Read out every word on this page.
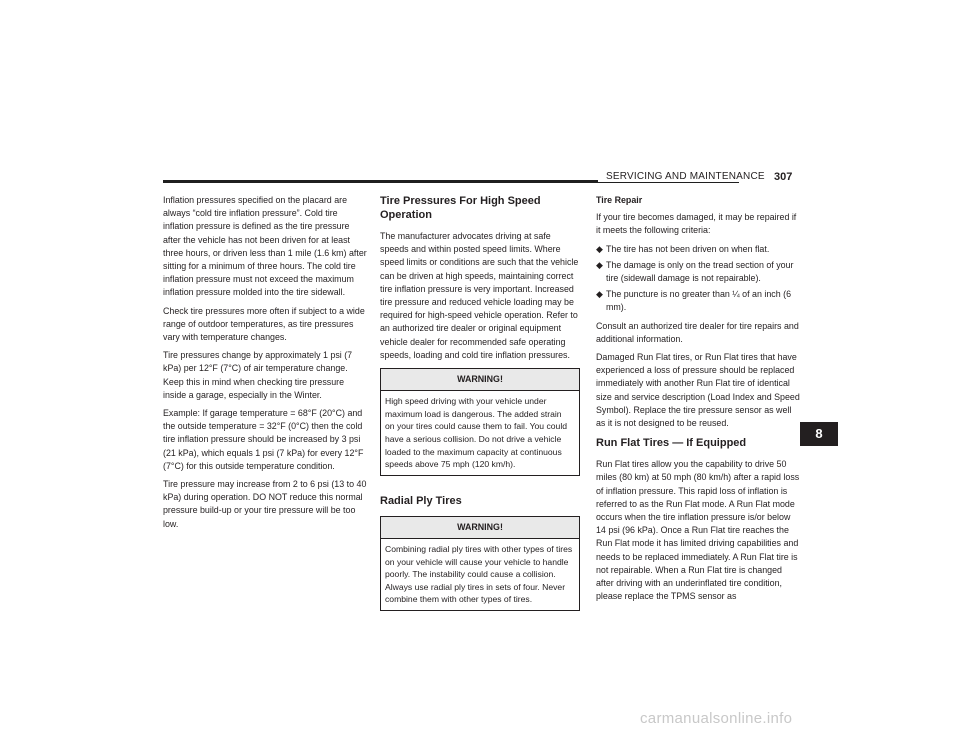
SERVICING AND MAINTENANCE 307

Inflation pressures specified on the placard are always “cold tire inflation pressure”. Cold tire inflation pressure is defined as the tire pressure after the vehicle has not been driven for at least three hours, or driven less than 1 mile (1.6 km) after sitting for a minimum of three hours. The cold tire inflation pressure must not exceed the maximum inflation pressure molded into the tire sidewall.

Check tire pressures more often if subject to a wide range of outdoor temperatures, as tire pressures vary with temperature changes.

Tire pressures change by approximately 1 psi (7 kPa) per 12°F (7°C) of air temperature change. Keep this in mind when checking tire pressure inside a garage, especially in the Winter.

Example: If garage temperature = 68°F (20°C) and the outside temperature = 32°F (0°C) then the cold tire inflation pressure should be increased by 3 psi (21 kPa), which equals 1 psi (7 kPa) for every 12°F (7°C) for this outside temperature condition.

Tire pressure may increase from 2 to 6 psi (13 to 40 kPa) during operation. DO NOT reduce this normal pressure build-up or your tire pressure will be too low.

Tire Pressures For High Speed Operation

The manufacturer advocates driving at safe speeds and within posted speed limits. Where speed limits or conditions are such that the vehicle can be driven at high speeds, maintaining correct tire inflation pressure is very important. Increased tire pressure and reduced vehicle loading may be required for high-speed vehicle operation. Refer to an authorized tire dealer or original equipment vehicle dealer for recommended safe operating speeds, loading and cold tire inflation pressures.

WARNING!
High speed driving with your vehicle under maximum load is dangerous. The added strain on your tires could cause them to fail. You could have a serious collision. Do not drive a vehicle loaded to the maximum capacity at continuous speeds above 75 mph (120 km/h).
Radial Ply Tires
WARNING!
Combining radial ply tires with other types of tires on your vehicle will cause your vehicle to handle poorly. The instability could cause a collision. Always use radial ply tires in sets of four. Never combine them with other types of tires.
Tire Repair

If your tire becomes damaged, it may be repaired if it meets the following criteria:

◆ The tire has not been driven on when flat.
◆ The damage is only on the tread section of your tire (sidewall damage is not repairable).
◆ The puncture is no greater than ¼ of an inch (6 mm).

Consult an authorized tire dealer for tire repairs and additional information.

Damaged Run Flat tires, or Run Flat tires that have experienced a loss of pressure should be replaced immediately with another Run Flat tire of identical size and service description (Load Index and Speed Symbol). Replace the tire pressure sensor as well as it is not designed to be reused.

Run Flat Tires — If Equipped

Run Flat tires allow you the capability to drive 50 miles (80 km) at 50 mph (80 km/h) after a rapid loss of inflation pressure. This rapid loss of inflation is referred to as the Run Flat mode. A Run Flat mode occurs when the tire inflation pressure is/or below 14 psi (96 kPa). Once a Run Flat tire reaches the Run Flat mode it has limited driving capabilities and needs to be replaced immediately. A Run Flat tire is not repairable. When a Run Flat tire is changed after driving with an underinflated tire condition, please replace the TPMS sensor as

8
carmanualsonline.info
